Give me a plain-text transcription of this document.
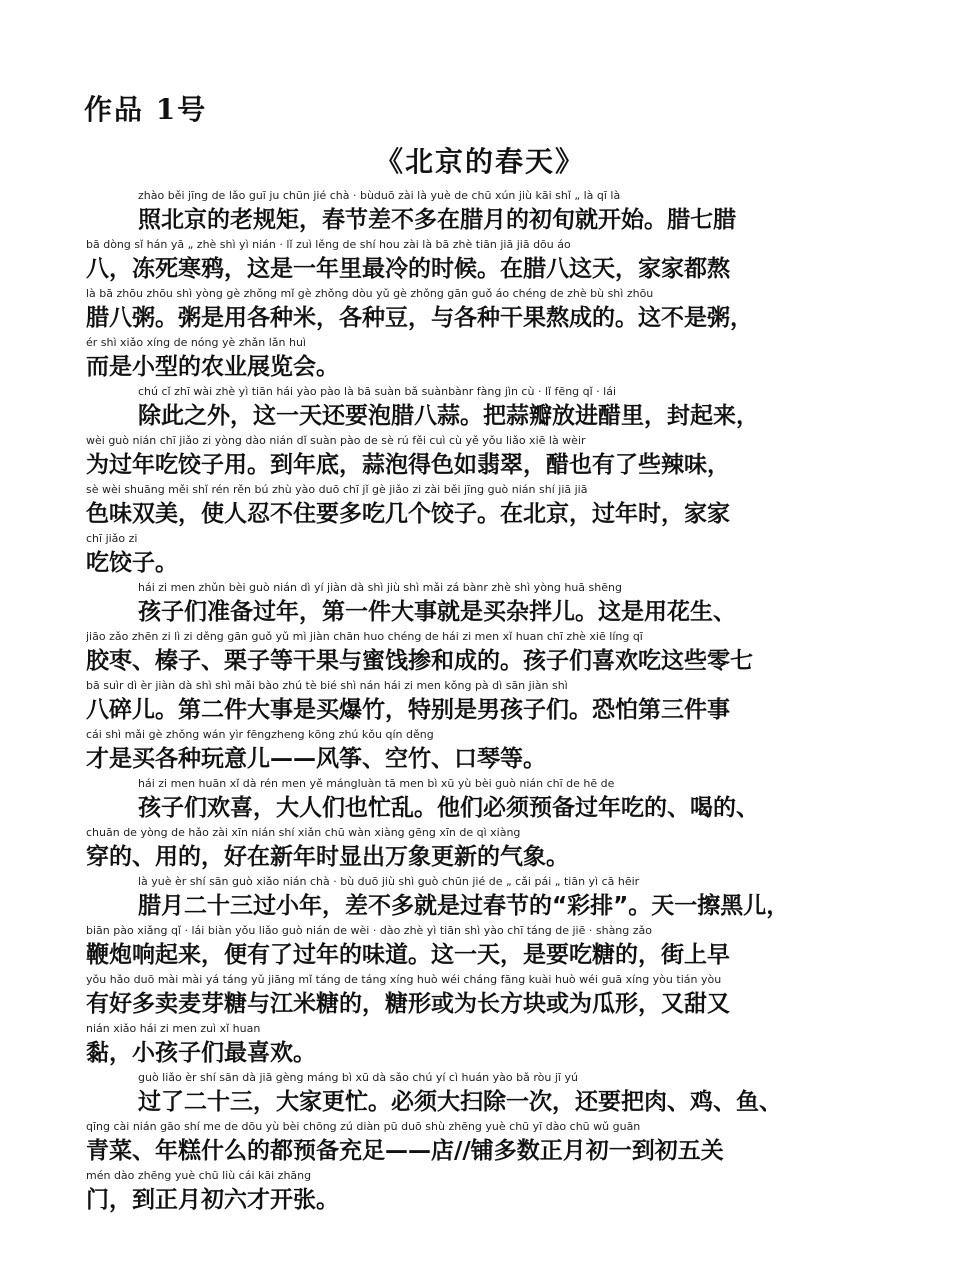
作品 1号
《北京的春天》
zhào běi jīng de lǎo guī ju chūn jié chà · bùduō zài là yuè de chū xún jiù kāi shǐ „ là qī là
照北京的老规矩，春节差不多在腊月的初旬就开始。腊七腊
bā dòng sǐ hán yā „ zhè shì yì nián · lǐ zuì lěng de shí hou zài là bā zhè tiān jiā jiā dōu áo
八，冻死寒鸦，这是一年里最冷的时候。在腊八这天，家家都熬
là bā zhōu zhōu shì yòng gè zhǒng mǐ gè zhǒng dòu yǔ gè zhǒng gān guǒ áo chéng de zhè bù shì zhōu
腊八粥。粥是用各种米，各种豆，与各种干果熬成的。这不是粥，
ér shì xiǎo xíng de nóng yè zhǎn lǎn huì
而是小型的农业展览会。
chú cǐ zhī wài zhè yì tiān hái yào pào là bā suàn bǎ suànbànr fàng jìn cù · lǐ fēng qǐ · lái
除此之外，这一天还要泡腊八蒜。把蒜瓣放进醋里，封起来，
wèi guò nián chī jiǎo zi yòng dào nián dǐ suàn pào de sè rú fěi cuì cù yě yǒu liǎo xiē là wèir
为过年吃饺子用。到年底，蒜泡得色如翡翠，醋也有了些辣味，
sè wèi shuāng měi shǐ rén rěn bú zhù yào duō chī jǐ gè jiǎo zi zài běi jīng guò nián shí jiā jiā
色味双美，使人忍不住要多吃几个饺子。在北京，过年时，家家
chī jiǎo zi
吃饺子。
hái zi men zhǔn bèi guò nián dì yí jiàn dà shì jiù shì mǎi zá bànr zhè shì yòng huā shēng
孩子们准备过年，第一件大事就是买杂拌儿。这是用花生、
jiāo zǎo zhēn zi lì zi děng gān guǒ yǔ mì jiàn chān huo chéng de hái zi men xǐ huan chī zhè xiē líng qī
胶枣、榛子、栗子等干果与蜜饯掺和成的。孩子们喜欢吃这些零七
bā suìr dì èr jiàn dà shì shì mǎi bào zhú tè bié shì nán hái zi men kǒng pà dì sān jiàn shì
八碎儿。第二件大事是买爆竹，特别是男孩子们。恐怕第三件事
cái shì mǎi gè zhǒng wán yìr fēngzheng kōng zhú kǒu qín děng
才是买各种玩意儿——风筝、空竹、口琴等。
hái zi men huān xǐ dà rén men yě mángluàn tā men bì xū yù bèi guò nián chī de hē de
孩子们欢喜，大人们也忙乱。他们必须预备过年吃的、喝的、
chuān de yòng de hǎo zài xīn nián shí xiǎn chū wàn xiàng gēng xīn de qì xiàng
穿的、用的，好在新年时显出万象更新的气象。
là yuè èr shí sān guò xiǎo nián chà · bù duō jiù shì guò chūn jié de „ cǎi pái „ tiān yì cā hēir
腊月二十三过小年，差不多就是过春节的“彩排”。天一擦黑儿，
biān pào xiǎng qǐ · lái biàn yǒu liǎo guò nián de wèi · dào zhè yì tiān shì yào chī táng de jiē · shàng zǎo
鞭炮响起来，便有了过年的味道。这一天，是要吃糖的，街上早
yǒu hǎo duō mài mài yá táng yǔ jiāng mǐ táng de táng xíng huò wéi cháng fāng kuài huò wéi guā xíng yòu tián yòu
有好多卖麦芽糖与江米糖的，糖形或为长方块或为瓜形，又甜又
nián xiǎo hái zi men zuì xǐ huan
黏，小孩子们最喜欢。
guò liǎo èr shí sān dà jiā gèng máng bì xū dà sǎo chú yí cì huán yào bǎ ròu jī yú
过了二十三，大家更忙。必须大扫除一次，还要把肉、鸡、鱼、
qīng cài nián gāo shí me de dōu yù bèi chōng zú diàn pū duō shù zhēng yuè chū yī dào chū wǔ guān
青菜、年糕什么的都预备充足——店//铺多数正月初一到初五关
mén dào zhēng yuè chū liù cái kāi zhāng
门，到正月初六才开张。
